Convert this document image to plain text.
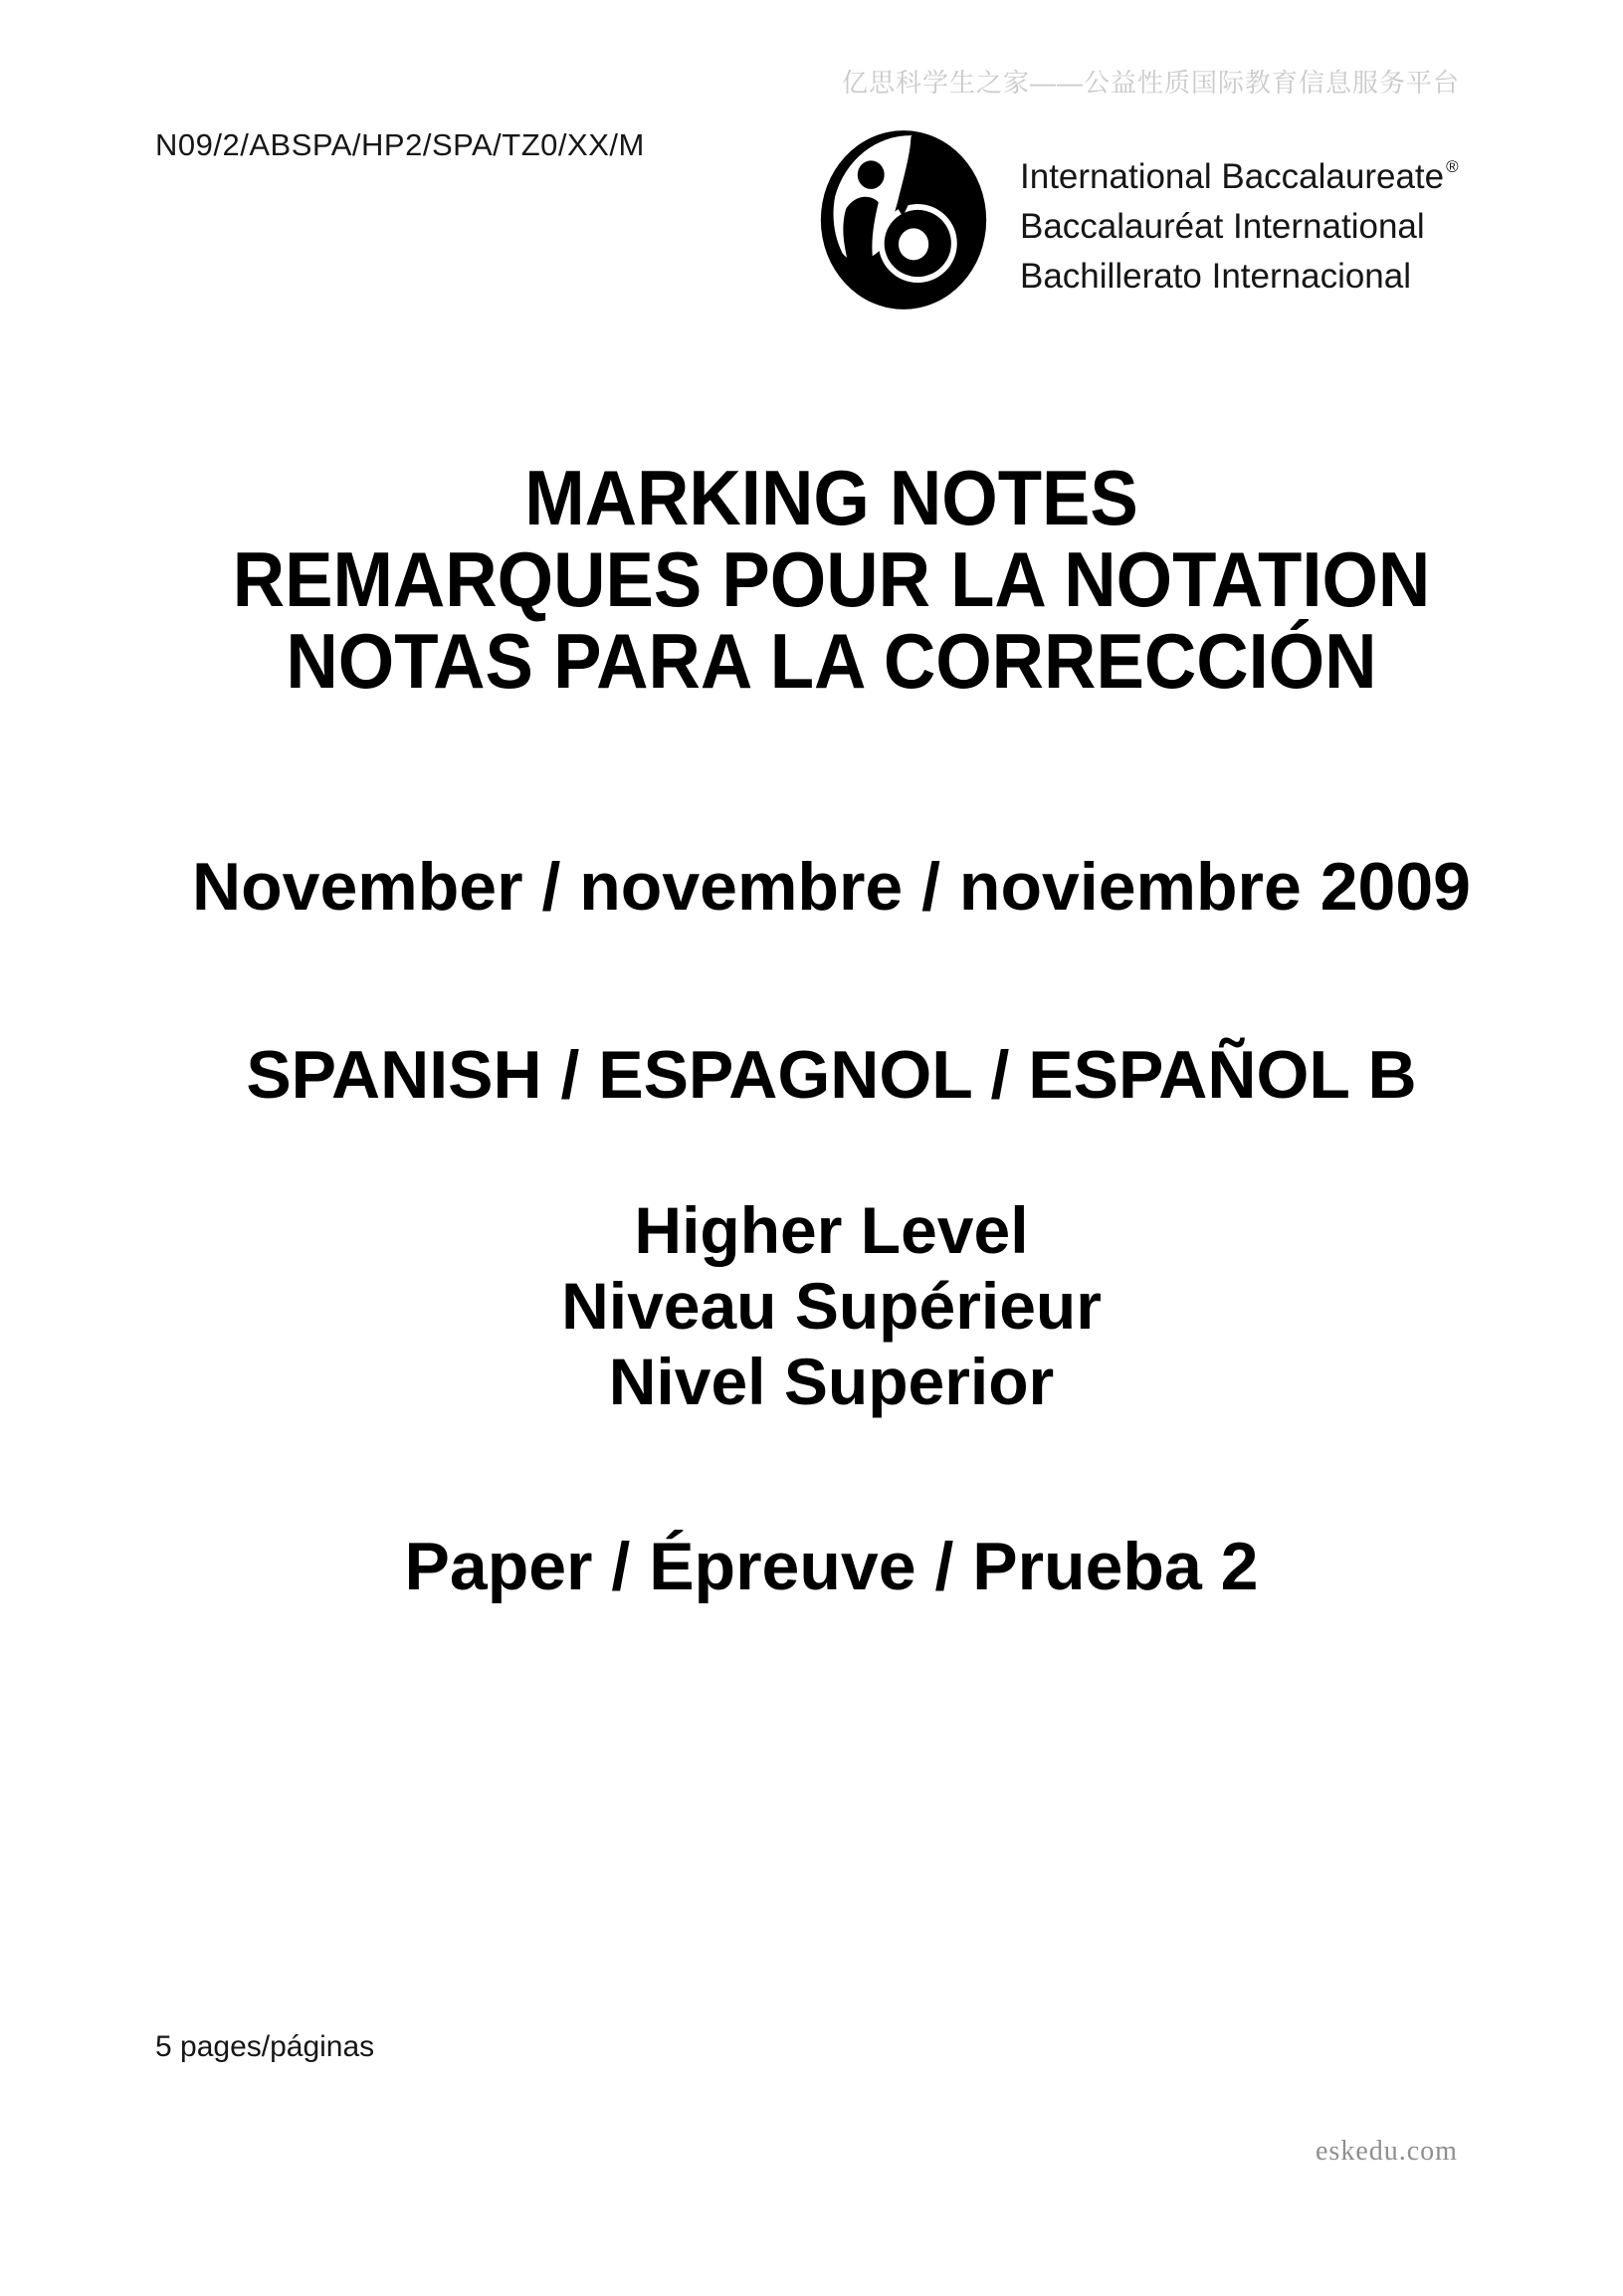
亿思科学生之家——公益性质国际教育信息服务平台
N09/2/ABSPA/HP2/SPA/TZ0/XX/M
International Baccalaureate ®
Baccalauréat International
Bachillerato Internacional
MARKING NOTES
REMARQUES POUR LA NOTATION
NOTAS PARA LA CORRECCIÓN
November / novembre / noviembre 2009
SPANISH / ESPAGNOL / ESPAÑOL B
Higher Level
Niveau Supérieur
Nivel Superior
Paper / Épreuve / Prueba 2
5 pages/páginas
eskedu.com
